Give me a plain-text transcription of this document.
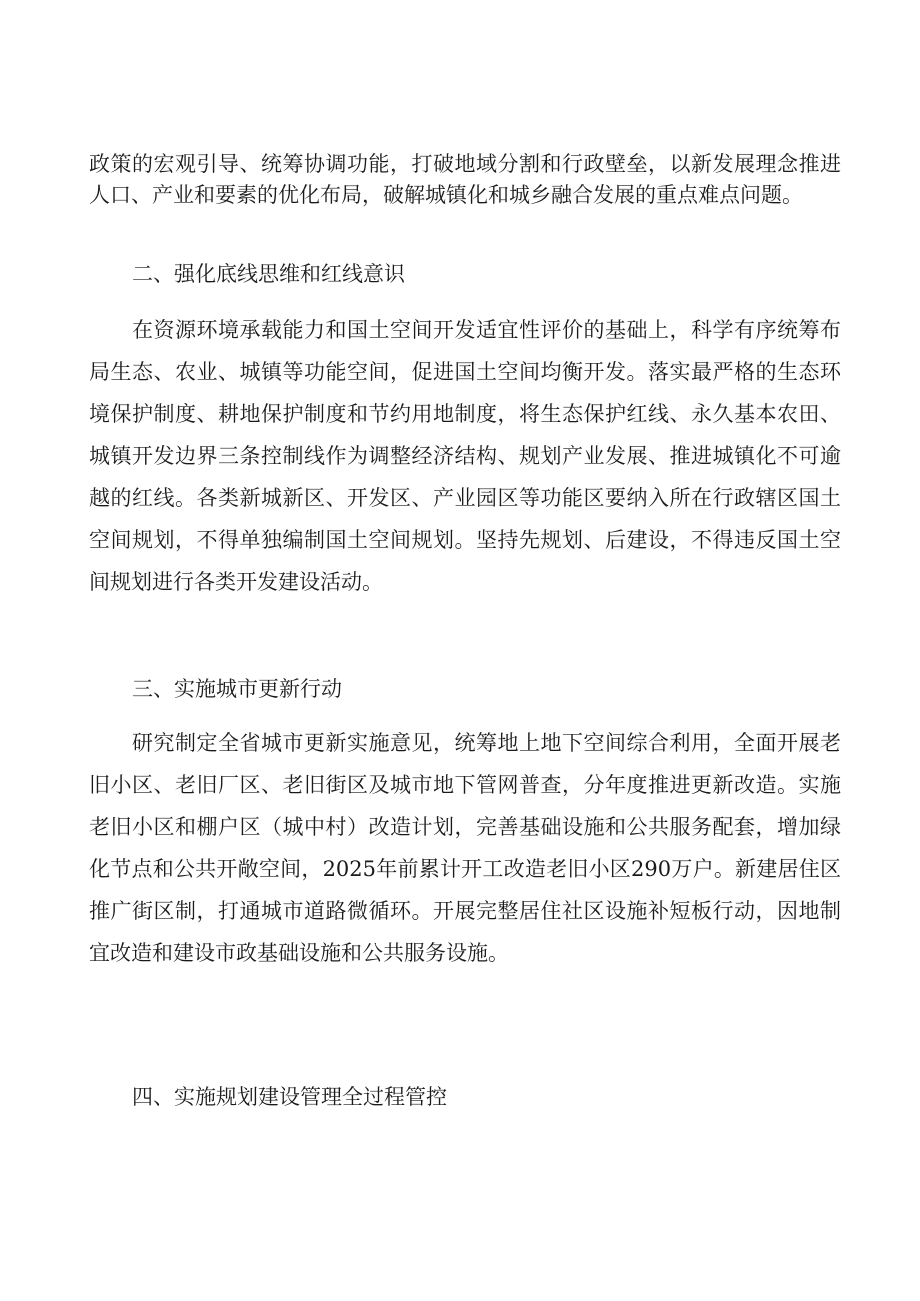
政策的宏观引导、统筹协调功能，打破地域分割和行政壁垒，以新发展理念推进人口、产业和要素的优化布局，破解城镇化和城乡融合发展的重点难点问题。

二、强化底线思维和红线意识

在资源环境承载能力和国土空间开发适宜性评价的基础上，科学有序统筹布局生态、农业、城镇等功能空间，促进国土空间均衡开发。落实最严格的生态环境保护制度、耕地保护制度和节约用地制度，将生态保护红线、永久基本农田、城镇开发边界三条控制线作为调整经济结构、规划产业发展、推进城镇化不可逾越的红线。各类新城新区、开发区、产业园区等功能区要纳入所在行政辖区国土空间规划，不得单独编制国土空间规划。坚持先规划、后建设，不得违反国土空间规划进行各类开发建设活动。

三、实施城市更新行动

研究制定全省城市更新实施意见，统筹地上地下空间综合利用，全面开展老旧小区、老旧厂区、老旧街区及城市地下管网普查，分年度推进更新改造。实施老旧小区和棚户区（城中村）改造计划，完善基础设施和公共服务配套，增加绿化节点和公共开敞空间，2025年前累计开工改造老旧小区290万户。新建居住区推广街区制，打通城市道路微循环。开展完整居住社区设施补短板行动，因地制宜改造和建设市政基础设施和公共服务设施。

四、实施规划建设管理全过程管控
